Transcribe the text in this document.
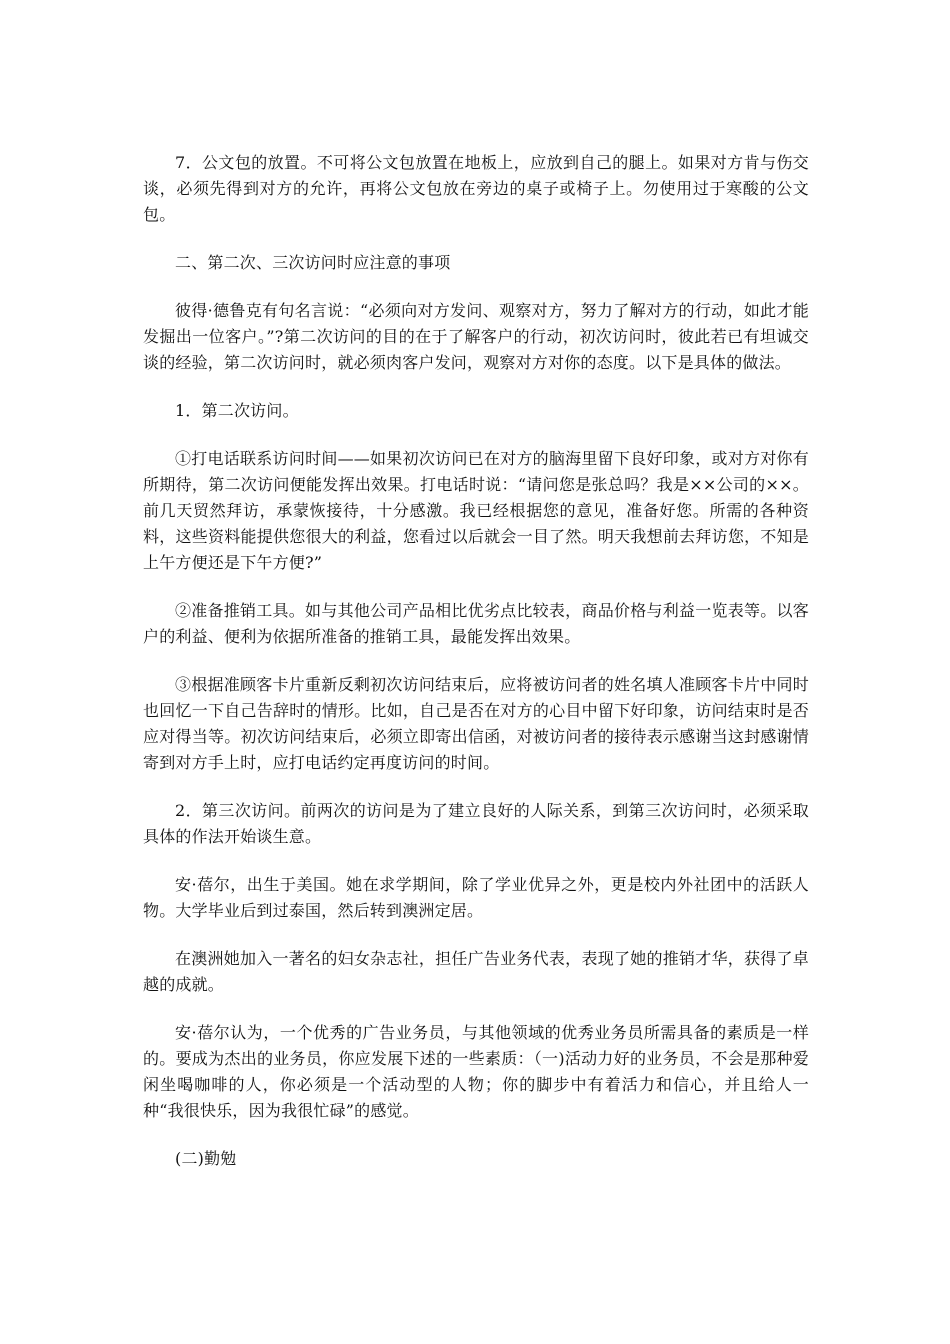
7．公文包的放置。不可将公文包放置在地板上，应放到自己的腿上。如果对方肯与伤交谈，必须先得到对方的允许，再将公文包放在旁边的桌子或椅子上。勿使用过于寒酸的公文包。

二、第二次、三次访问时应注意的事项

彼得·德鲁克有句名言说：“必须向对方发问、观察对方，努力了解对方的行动，如此才能发掘出一位客户。”?第二次访问的目的在于了解客户的行动，初次访问时，彼此若已有坦诚交谈的经验，第二次访问时，就必须肉客户发问，观察对方对你的态度。以下是具体的做法。

1．第二次访问。

①打电话联系访问时间——如果初次访问已在对方的脑海里留下良好印象，或对方对你有所期待，第二次访问便能发挥出效果。打电话时说：“请问您是张总吗？我是××公司的××。前几天贸然拜访，承蒙恢接待，十分感激。我已经根据您的意见，准备好您。所需的各种资料，这些资料能提供您很大的利益，您看过以后就会一目了然。明天我想前去拜访您，不知是上午方便还是下午方便?”

②准备推销工具。如与其他公司产品相比优劣点比较表，商品价格与利益一览表等。以客户的利益、便利为依据所准备的推销工具，最能发挥出效果。

③根据准顾客卡片重新反剩初次访问结束后，应将被访问者的姓名填人准顾客卡片中同时也回忆一下自己告辞时的情形。比如，自己是否在对方的心目中留下好印象，访问结束时是否应对得当等。初次访问结束后，必须立即寄出信函，对被访问者的接待表示感谢当这封感谢情寄到对方手上时，应打电话约定再度访问的时间。

2．第三次访问。前两次的访问是为了建立良好的人际关系，到第三次访问时，必须采取具体的作法开始谈生意。

安·蓓尔，出生于美国。她在求学期间，除了学业优异之外，更是校内外社团中的活跃人物。大学毕业后到过泰国，然后转到澳洲定居。

在澳洲她加入一著名的妇女杂志社，担任广告业务代表，表现了她的推销才华，获得了卓越的成就。

安·蓓尔认为，一个优秀的广告业务员，与其他领域的优秀业务员所需具备的素质是一样的。要成为杰出的业务员，你应发展下述的一些素质：（一)活动力好的业务员，不会是那种爱闲坐喝咖啡的人，你必须是一个活动型的人物；你的脚步中有着活力和信心，并且给人一种“我很快乐，因为我很忙碌”的感觉。

(二)勤勉
